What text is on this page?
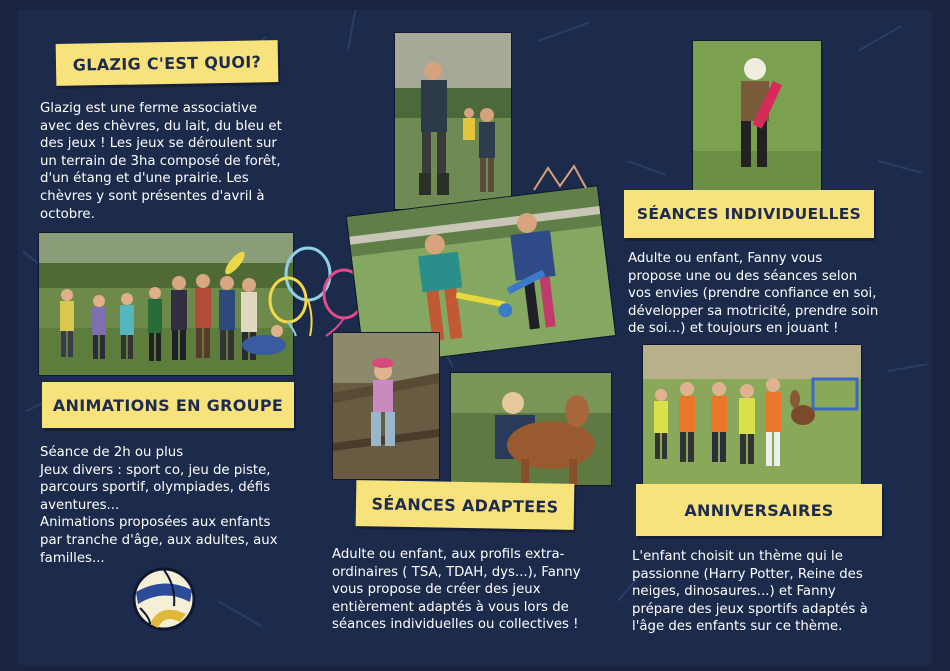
GLAZIG C'EST QUOI?
Glazig est une ferme associative
avec des chèvres, du lait, du bleu et
des jeux ! Les jeux se déroulent sur
un terrain de 3ha composé de forêt,
d'un étang et d'une prairie. Les
chèvres y sont présentes d'avril à
octobre.
ANIMATIONS EN GROUPE
Séance de 2h ou plus
Jeux divers : sport co, jeu de piste,
parcours sportif, olympiades, défis
aventures...
Animations proposées aux enfants
par tranche d'âge, aux adultes, aux
familles...
SÉANCES ADAPTEES
Adulte ou enfant, aux profils extra-
ordinaires ( TSA, TDAH, dys...), Fanny
vous propose de créer des jeux
entièrement adaptés à vous lors de
séances individuelles ou collectives !
SÉANCES INDIVIDUELLES
Adulte ou enfant, Fanny vous
propose une ou des séances selon
vos envies (prendre confiance en soi,
développer sa motricité, prendre soin
de soi...) et toujours en jouant !
ANNIVERSAIRES
L'enfant choisit un thème qui le
passionne (Harry Potter, Reine des
neiges, dinosaures...) et Fanny
prépare des jeux sportifs adaptés à
l'âge des enfants sur ce thème.
